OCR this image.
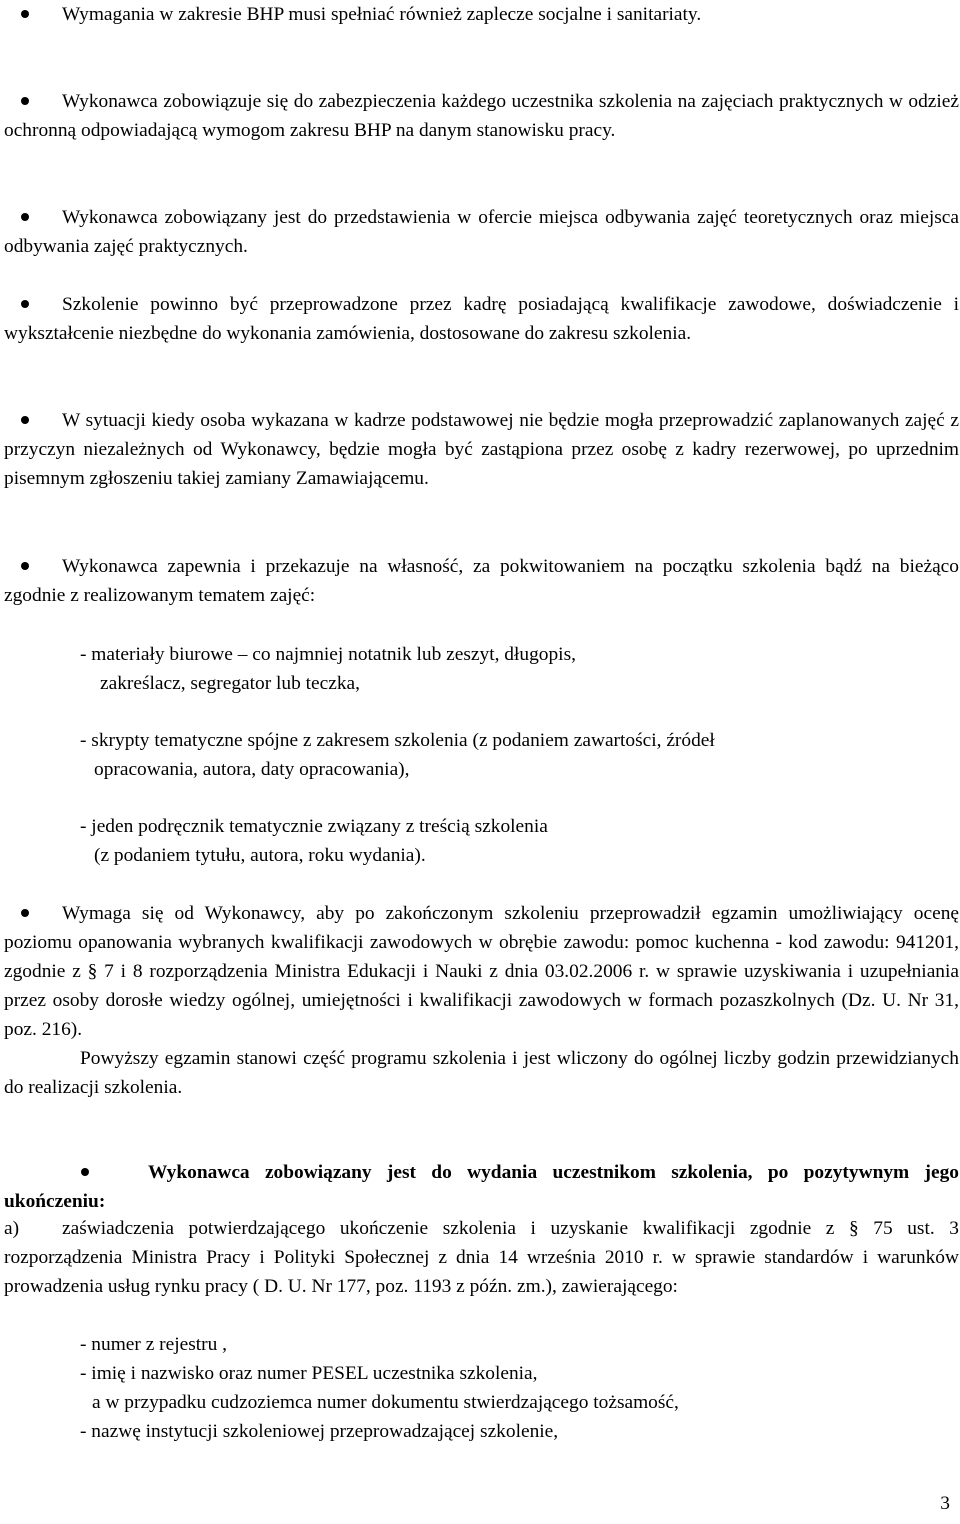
Wymagania w zakresie BHP musi spełniać również zaplecze socjalne i sanitariaty.
Wykonawca zobowiązuje się do zabezpieczenia każdego uczestnika szkolenia na zajęciach praktycznych w odzież ochronną odpowiadającą wymogom zakresu BHP na danym stanowisku pracy.
Wykonawca zobowiązany jest do przedstawienia w ofercie miejsca odbywania zajęć teoretycznych oraz miejsca odbywania zajęć praktycznych.
Szkolenie powinno być przeprowadzone przez kadrę posiadającą kwalifikacje zawodowe, doświadczenie i wykształcenie niezbędne do wykonania zamówienia, dostosowane do zakresu szkolenia.
W sytuacji kiedy osoba wykazana w kadrze podstawowej nie będzie mogła przeprowadzić zaplanowanych zajęć z przyczyn niezależnych od Wykonawcy, będzie mogła być zastąpiona przez osobę z kadry rezerwowej, po uprzednim pisemnym zgłoszeniu takiej zamiany Zamawiającemu.
Wykonawca zapewnia i przekazuje na własność, za pokwitowaniem na początku szkolenia bądź na bieżąco zgodnie z realizowanym tematem zajęć:
- materiały biurowe – co najmniej notatnik lub zeszyt, długopis,
zakreślacz, segregator lub teczka,
- skrypty tematyczne spójne z zakresem szkolenia (z podaniem zawartości, źródeł
opracowania, autora, daty opracowania),
- jeden podręcznik tematycznie związany z treścią szkolenia
(z podaniem tytułu, autora, roku wydania).
Wymaga się od Wykonawcy, aby po zakończonym szkoleniu przeprowadził egzamin umożliwiający ocenę poziomu opanowania wybranych kwalifikacji zawodowych w obrębie zawodu: pomoc kuchenna - kod zawodu: 941201, zgodnie z § 7 i 8 rozporządzenia Ministra Edukacji i Nauki z dnia 03.02.2006 r. w sprawie uzyskiwania i uzupełniania przez osoby dorosłe wiedzy ogólnej, umiejętności i kwalifikacji zawodowych w formach pozaszkolnych (Dz. U. Nr 31, poz. 216).
Powyższy egzamin stanowi część programu szkolenia i jest wliczony do ogólnej liczby godzin przewidzianych do realizacji szkolenia.
Wykonawca zobowiązany jest do wydania uczestnikom szkolenia, po pozytywnym jego ukończeniu:
a)	zaświadczenia potwierdzającego ukończenie szkolenia i uzyskanie kwalifikacji zgodnie z § 75 ust. 3 rozporządzenia Ministra Pracy i Polityki Społecznej z dnia 14 września 2010 r. w sprawie standardów i warunków prowadzenia usług rynku pracy ( D. U. Nr 177, poz. 1193 z późn. zm.), zawierającego:
- numer z rejestru ,
- imię i nazwisko oraz numer PESEL uczestnika szkolenia,
a w przypadku cudzoziemca numer dokumentu stwierdzającego tożsamość,
- nazwę instytucji szkoleniowej przeprowadzającej szkolenie,
3
